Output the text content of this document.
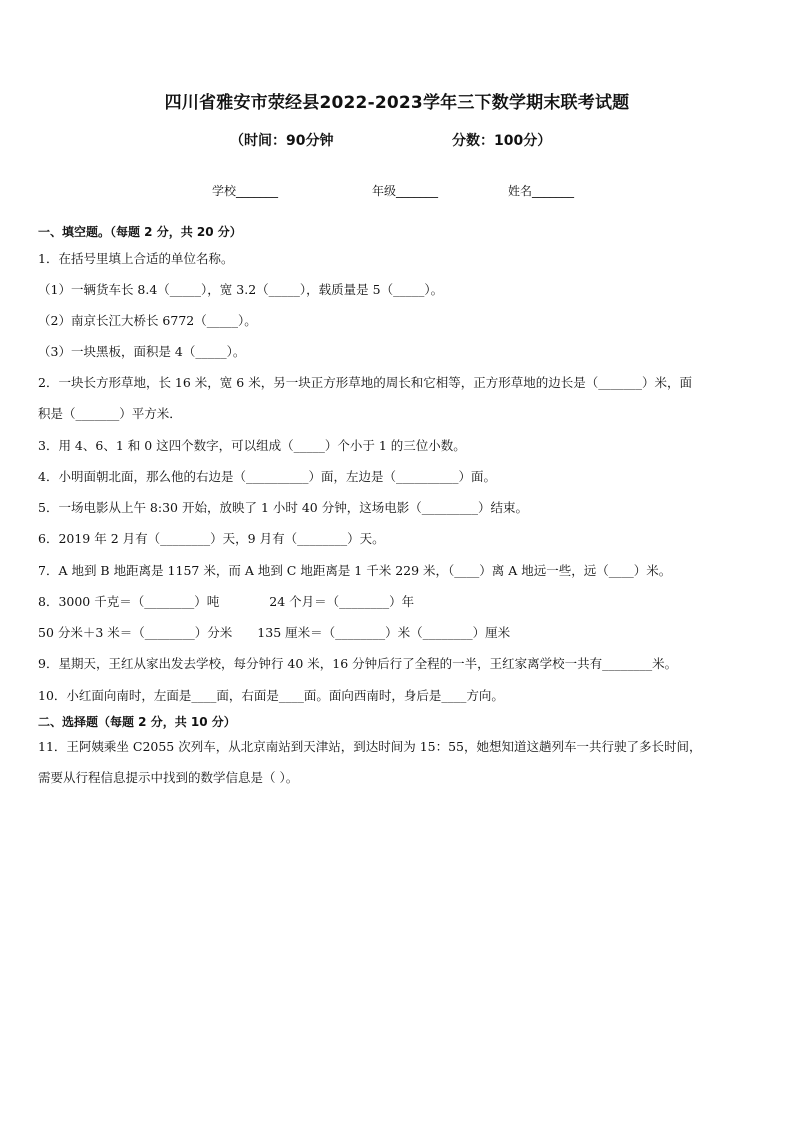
四川省雅安市荥经县2022-2023学年三下数学期末联考试题
（时间：90分钟	分数：100分）
学校_______	年级_______	姓名_______
一、填空题。（每题 2 分，共 20 分）
1．在括号里填上合适的单位名称。
（1）一辆货车长 8.4（_____），宽 3.2（_____），载质量是 5（_____）。
（2）南京长江大桥长 6772（_____）。
（3）一块黑板，面积是 4（_____）。
2．一块长方形草地，长 16 米，宽 6 米，另一块正方形草地的周长和它相等，正方形草地的边长是（_______）米，面
积是（_______）平方米．
3．用 4、6、1 和 0 这四个数字，可以组成（_____）个小于 1 的三位小数。
4．小明面朝北面，那么他的右边是（__________）面，左边是（__________）面。
5．一场电影从上午 8:30 开始，放映了 1 小时 40 分钟，这场电影（_________）结束。
6．2019 年 2 月有（________）天，9 月有（________）天。
7．A 地到 B 地距离是 1157 米，而 A 地到 C 地距离是 1 千米 229 米，（____）离 A 地远一些，远（____）米。
8．3000 千克＝（________）吨　　　　24 个月＝（________）年
50 分米＋3 米＝（________）分米　　135 厘米＝（________）米（________）厘米
9．星期天，王红从家出发去学校，每分钟行 40 米，16 分钟后行了全程的一半，王红家离学校一共有________米。
10．小红面向南时，左面是____面，右面是____面。面向西南时，身后是____方向。
二、选择题（每题 2 分，共 10 分）
11．王阿姨乘坐 C2055 次列车，从北京南站到天津站，到达时间为 15：55，她想知道这趟列车一共行驶了多长时间，
需要从行程信息提示中找到的数学信息是（ ）。
